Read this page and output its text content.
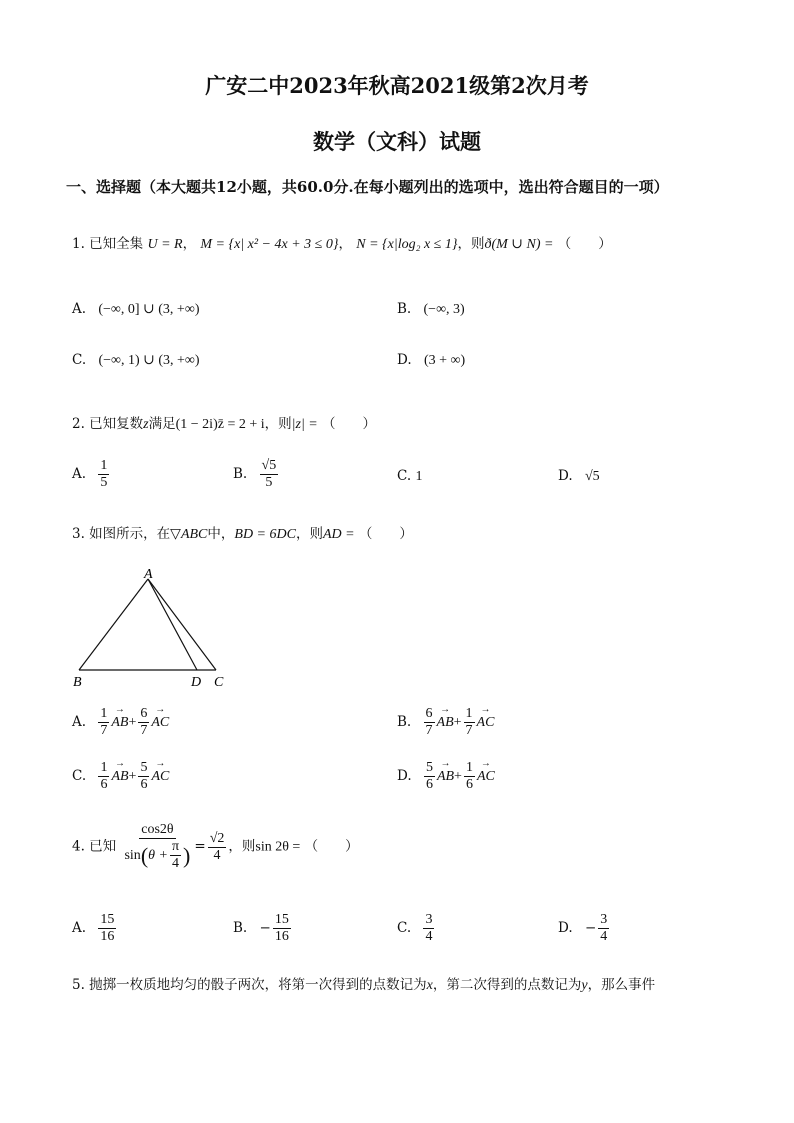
广安二中2023年秋高2021级第2次月考
数学（文科）试题
一、选择题（本大题共12小题，共60.0分.在每小题列出的选项中，选出符合题目的一项）
1. 已知全集 U = R， M = {x| x² − 4x + 3 ≤ 0}， N = {x|log₂ x ≤ 1}，则ð(M ∪ N) = （　　）
A. (−∞, 0] ∪ (3, +∞)	B. (−∞, 3)
C. (−∞, 1) ∪ (3, +∞)	D. (3 + ∞)
2. 已知复数z满足(1 − 2i)z̄ = 2 + i，则|z| = （　　）
A. $\frac{1}{5}$	B. $\frac{√5}{5}$	C. 1	D. √5
3. 如图所示，在▽ABC中，BD = 6DC，则AD = （　　）
A
B	D C
A. $\frac{1}{7}$
→ $AB+ \frac{6}{7}$
→ AC	B. $\frac{6}{7}$
→ $AB+ \frac{1}{7}$
→ AC
C. $\frac{1}{6}$
→ $AB+ \frac{5}{6}$
→ AC	D. $\frac{5}{6}$
→ $AB+ \frac{1}{6}$
→ AC
4. 已知 $\frac{\cos 2\theta}{\sin(\theta + \frac{\pi}{4} )} = \frac{√2}{4}$ ，则sin 2θ = （　　）
A. $\frac{15}{16}$	B. − $\frac{15}{16}$	C. $\frac{3}{4}$	D. − $\frac{3}{4}$
5. 抛掷一枚质地均匀的骰子两次，将第一次得到的点数记为x，第二次得到的点数记为y，那么事件
